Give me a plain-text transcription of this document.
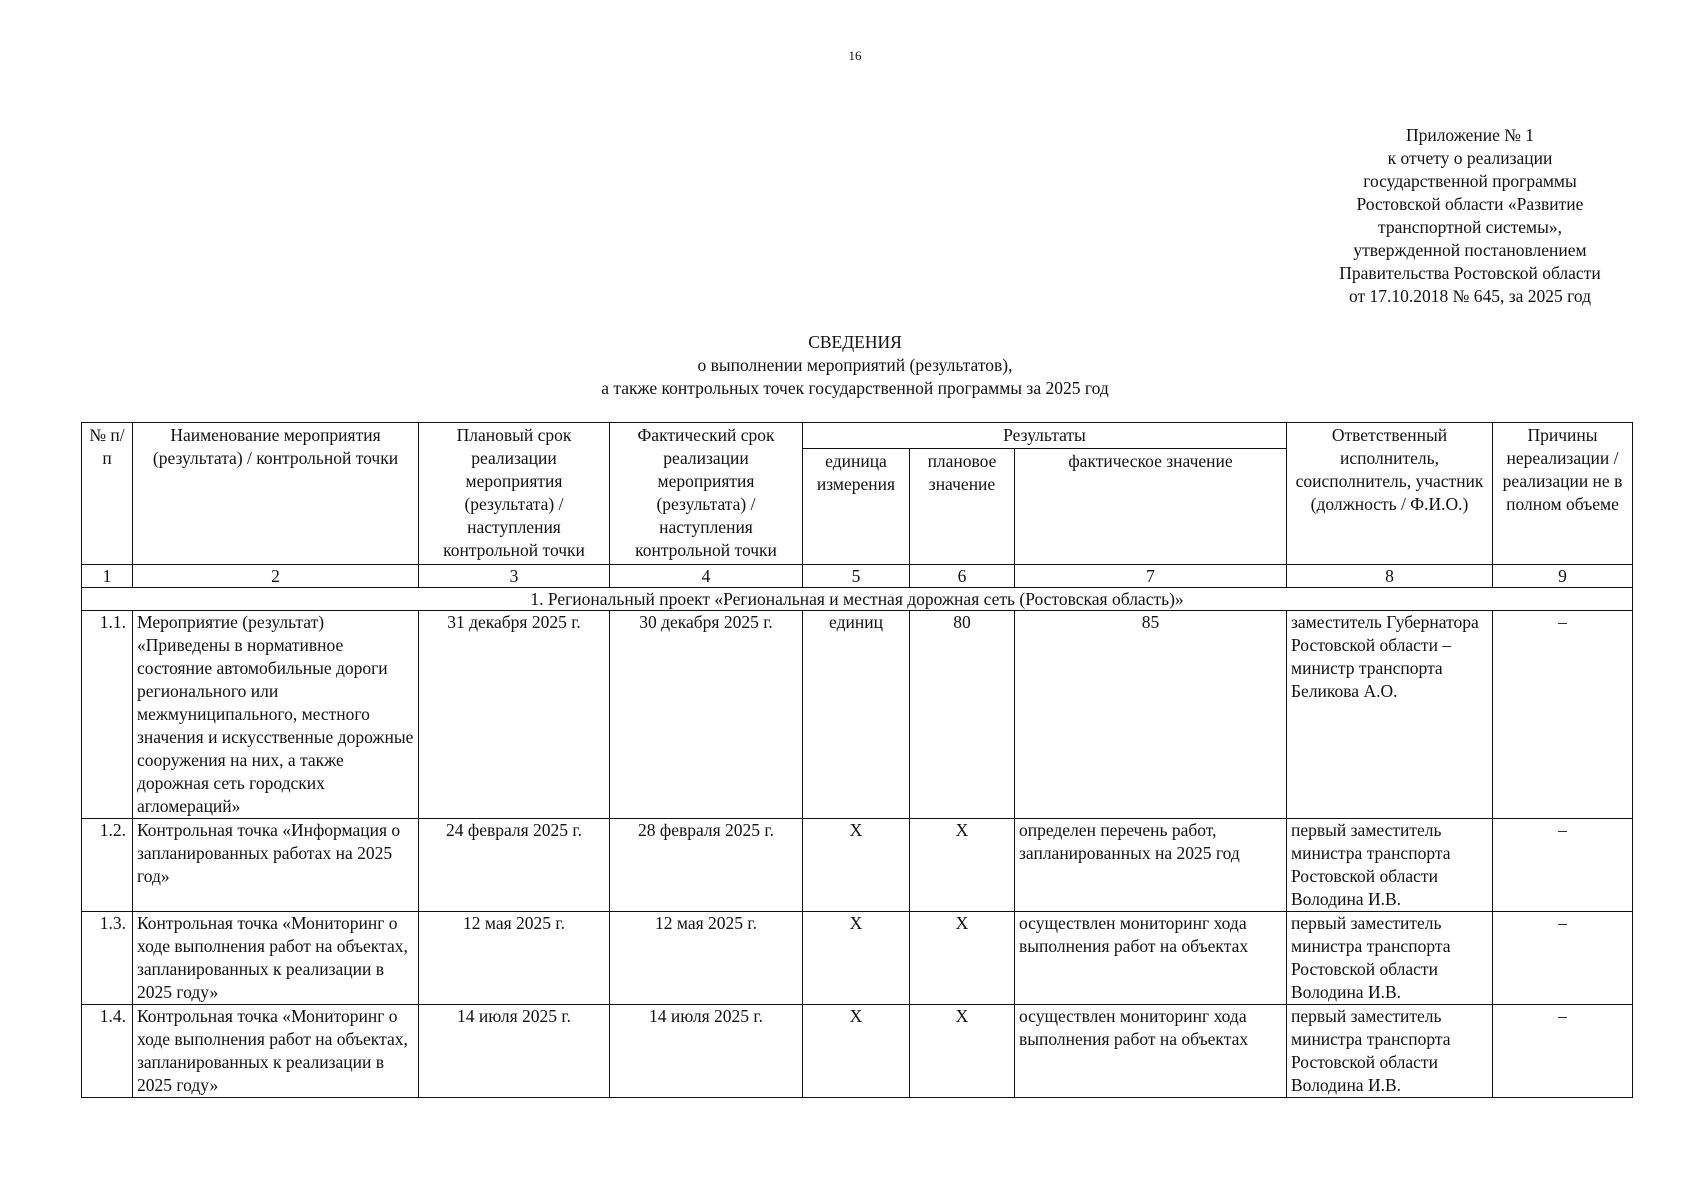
16
Приложение № 1
к отчету о реализации
государственной программы
Ростовской области «Развитие
транспортной системы»,
утвержденной постановлением
Правительства Ростовской области
от 17.10.2018 № 645, за 2025 год
СВЕДЕНИЯ
о выполнении мероприятий (результатов),
а также контрольных точек государственной программы за 2025 год
№ п/п	Наименование мероприятия (результата) / контрольной точки	Плановый срок реализации мероприятия (результата) / наступления контрольной точки	Фактический срок реализации мероприятия (результата) / наступления контрольной точки	Результаты			Ответственный исполнитель, соисполнитель, участник (должность / Ф.И.О.)	Причины нереализации / реализации не в полном объеме
				единица измерения	плановое значение	фактическое значение		
1	2	3	4	5	6	7	8	9
1. Региональный проект «Региональная и местная дорожная сеть (Ростовская область)»								
1.1.	Мероприятие (результат) «Приведены в нормативное состояние автомобильные дороги регионального или межмуниципального, местного значения и искусственные дорожные сооружения на них, а также дорожная сеть городских агломераций»	31 декабря 2025 г.	30 декабря 2025 г.	единиц	80	85	заместитель Губернатора Ростовской области – министр транспорта Беликова А.О.	–
1.2.	Контрольная точка «Информация о запланированных работах на 2025 год»	24 февраля 2025 г.	28 февраля 2025 г.	Х	Х	определен перечень работ, запланированных на 2025 год	первый заместитель министра транспорта Ростовской области Володина И.В.	–
1.3.	Контрольная точка «Мониторинг о ходе выполнения работ на объектах, запланированных к реализации в 2025 году»	12 мая 2025 г.	12 мая 2025 г.	Х	Х	осуществлен мониторинг хода выполнения работ на объектах	первый заместитель министра транспорта Ростовской области Володина И.В.	–
1.4.	Контрольная точка «Мониторинг о ходе выполнения работ на объектах, запланированных к реализации в 2025 году»	14 июля 2025 г.	14 июля 2025 г.	Х	Х	осуществлен мониторинг хода выполнения работ на объектах	первый заместитель министра транспорта Ростовской области Володина И.В.	–
